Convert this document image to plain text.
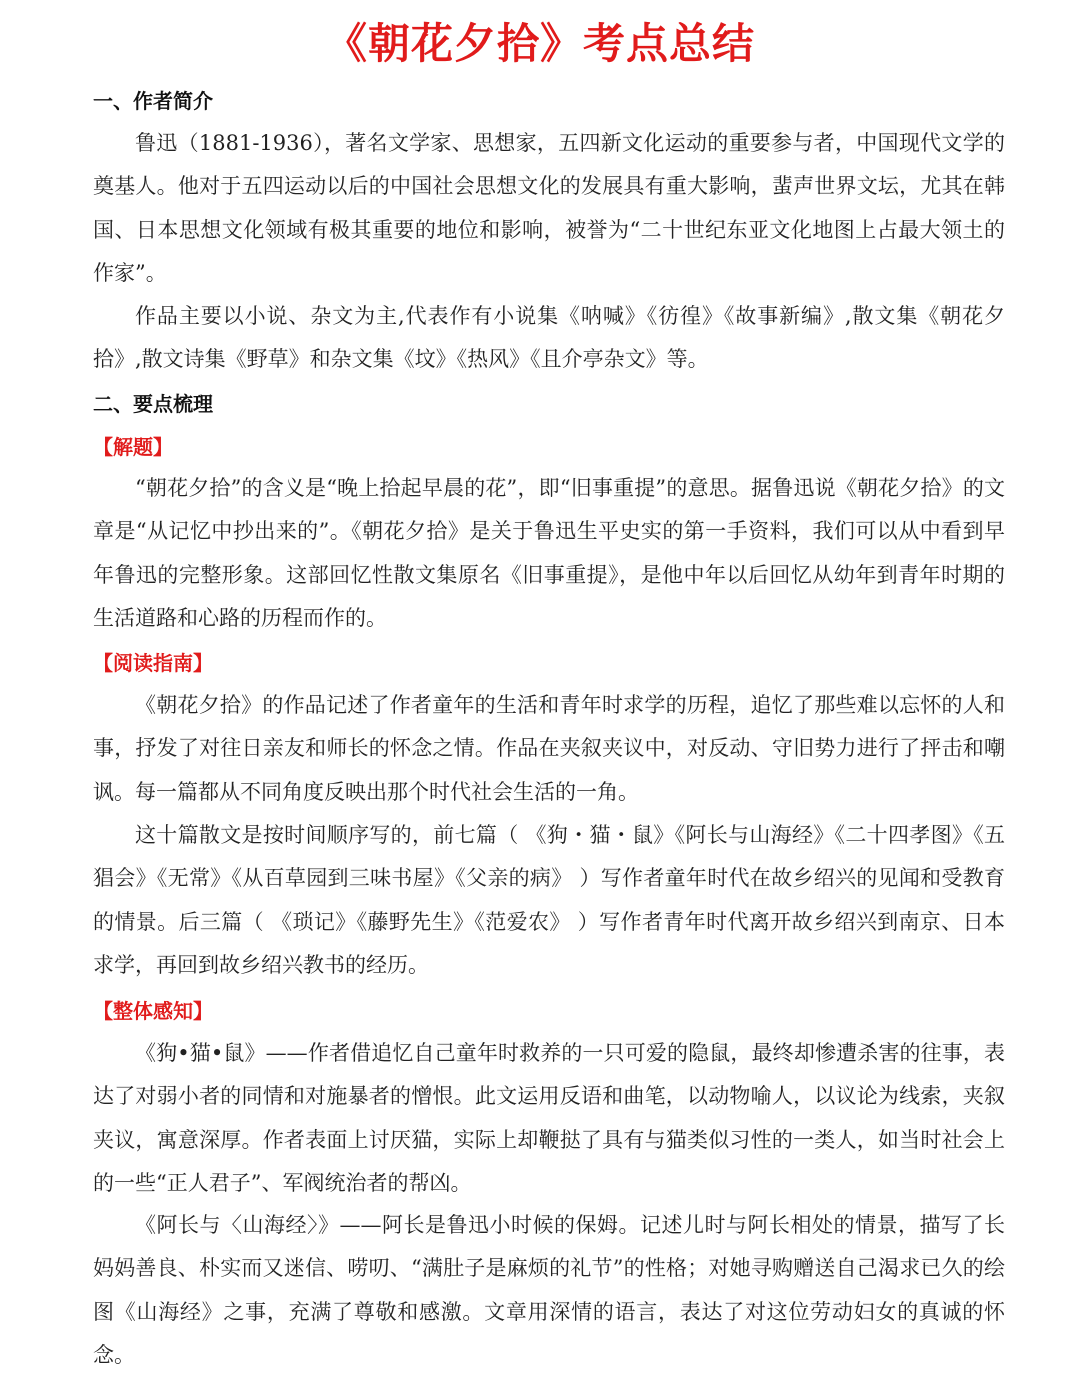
《朝花夕拾》考点总结
一、作者简介

鲁迅（1881-1936），著名文学家、思想家，五四新文化运动的重要参与者，中国现代文学的奠基人。他对于五四运动以后的中国社会思想文化的发展具有重大影响，蜚声世界文坛，尤其在韩国、日本思想文化领域有极其重要的地位和影响，被誉为“二十世纪东亚文化地图上占最大领土的作家”。

作品主要以小说、杂文为主,代表作有小说集《呐喊》《彷徨》《故事新编》,散文集《朝花夕拾》,散文诗集《野草》和杂文集《坟》《热风》《且介亭杂文》等。

二、要点梳理
【解题】

“朝花夕拾”的含义是“晚上拾起早晨的花”，即“旧事重提”的意思。据鲁迅说《朝花夕拾》的文章是“从记忆中抄出来的”。《朝花夕拾》是关于鲁迅生平史实的第一手资料，我们可以从中看到早年鲁迅的完整形象。这部回忆性散文集原名《旧事重提》，是他中年以后回忆从幼年到青年时期的生活道路和心路的历程而作的。

【阅读指南】

《朝花夕拾》的作品记述了作者童年的生活和青年时求学的历程，追忆了那些难以忘怀的人和事，抒发了对往日亲友和师长的怀念之情。作品在夹叙夹议中，对反动、守旧势力进行了抨击和嘲讽。每一篇都从不同角度反映出那个时代社会生活的一角。

这十篇散文是按时间顺序写的，前七篇（ 《狗・猫・鼠》《阿长与山海经》《二十四孝图》《五猖会》《无常》《从百草园到三味书屋》《父亲的病》 ）写作者童年时代在故乡绍兴的见闻和受教育的情景。后三篇（ 《琐记》《藤野先生》《范爱农》 ）写作者青年时代离开故乡绍兴到南京、日本求学，再回到故乡绍兴教书的经历。

【整体感知】

《狗•猫•鼠》——作者借追忆自己童年时救养的一只可爱的隐鼠，最终却惨遭杀害的往事，表达了对弱小者的同情和对施暴者的憎恨。此文运用反语和曲笔，以动物喻人，以议论为线索，夹叙夹议，寓意深厚。作者表面上讨厌猫，实际上却鞭挞了具有与猫类似习性的一类人，如当时社会上的一些“正人君子”、军阀统治者的帮凶。

《阿长与〈山海经〉》——阿长是鲁迅小时候的保姆。记述儿时与阿长相处的情景，描写了长妈妈善良、朴实而又迷信、唠叨、“满肚子是麻烦的礼节”的性格；对她寻购赠送自己渴求已久的绘图《山海经》之事，充满了尊敬和感激。文章用深情的语言，表达了对这位劳动妇女的真诚的怀念。
